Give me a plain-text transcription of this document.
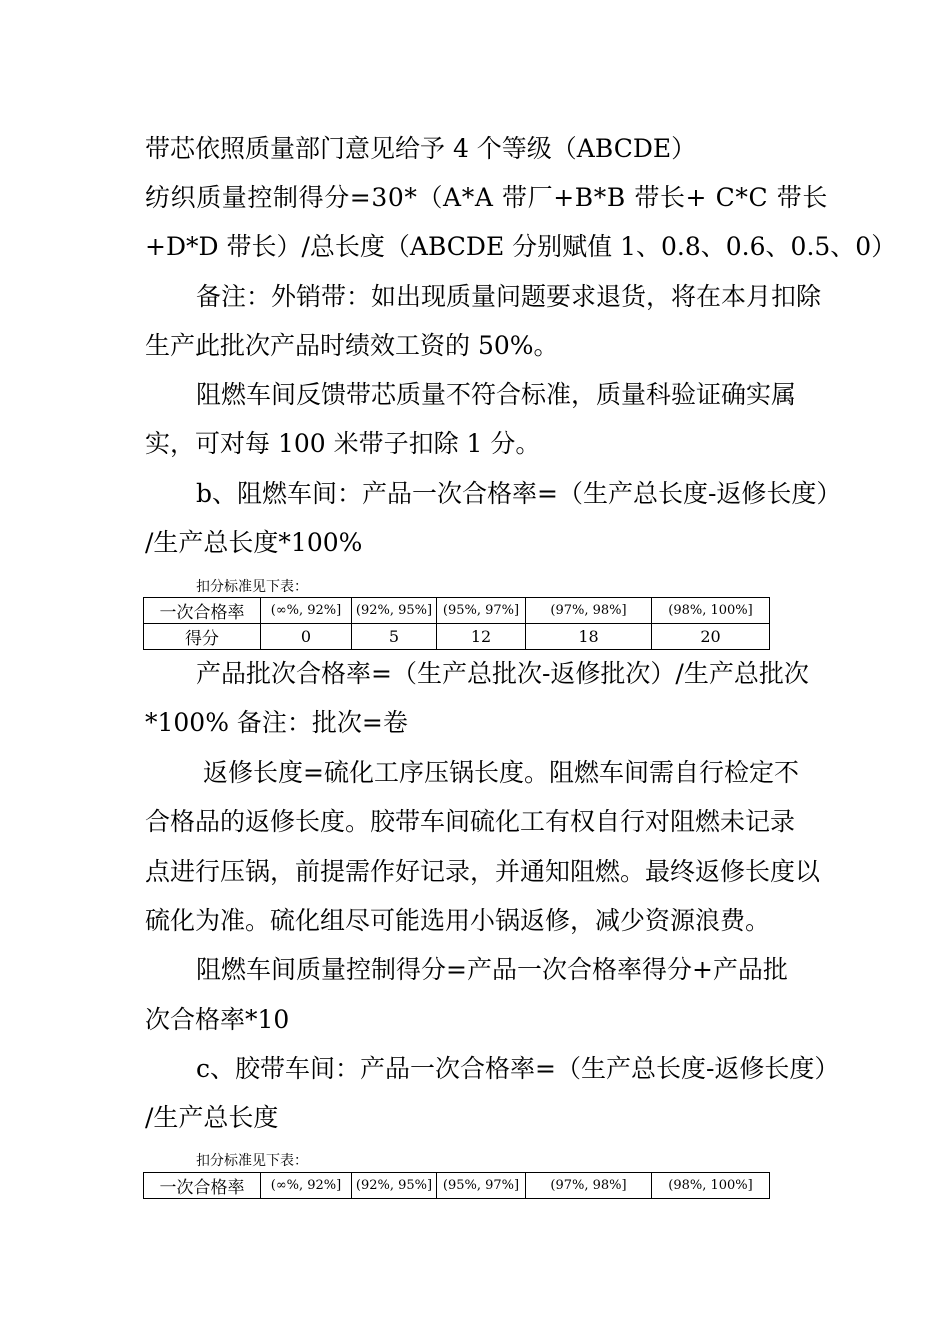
带芯依照质量部门意见给予 4 个等级（ABCDE）

纺织质量控制得分=30*（A*A 带厂+B*B 带长+ C*C 带长

+D*D 带长）/总长度（ABCDE 分别赋值 1、0.8、0.6、0.5、0）

备注：外销带：如出现质量问题要求退货，将在本月扣除

生产此批次产品时绩效工资的 50%。

阻燃车间反馈带芯质量不符合标准，质量科验证确实属

实，可对每 100 米带子扣除 1 分。

b、阻燃车间：产品一次合格率=（生产总长度-返修长度）

/生产总长度*100%

扣分标准见下表：

一次合格率	(∞%, 92%]	(92%, 95%]	(95%, 97%]	(97%, 98%]	(98%, 100%]
得分	0	5	12	18	20

产品批次合格率=（生产总批次-返修批次）/生产总批次

*100% 备注：批次=卷

返修长度=硫化工序压锅长度。阻燃车间需自行检定不

合格品的返修长度。胶带车间硫化工有权自行对阻燃未记录

点进行压锅，前提需作好记录，并通知阻燃。最终返修长度以

硫化为准。硫化组尽可能选用小锅返修，减少资源浪费。

阻燃车间质量控制得分=产品一次合格率得分+产品批

次合格率*10

c、胶带车间：产品一次合格率=（生产总长度-返修长度）

/生产总长度

扣分标准见下表：

一次合格率	(∞%, 92%]	(92%, 95%]	(95%, 97%]	(97%, 98%]	(98%, 100%]
